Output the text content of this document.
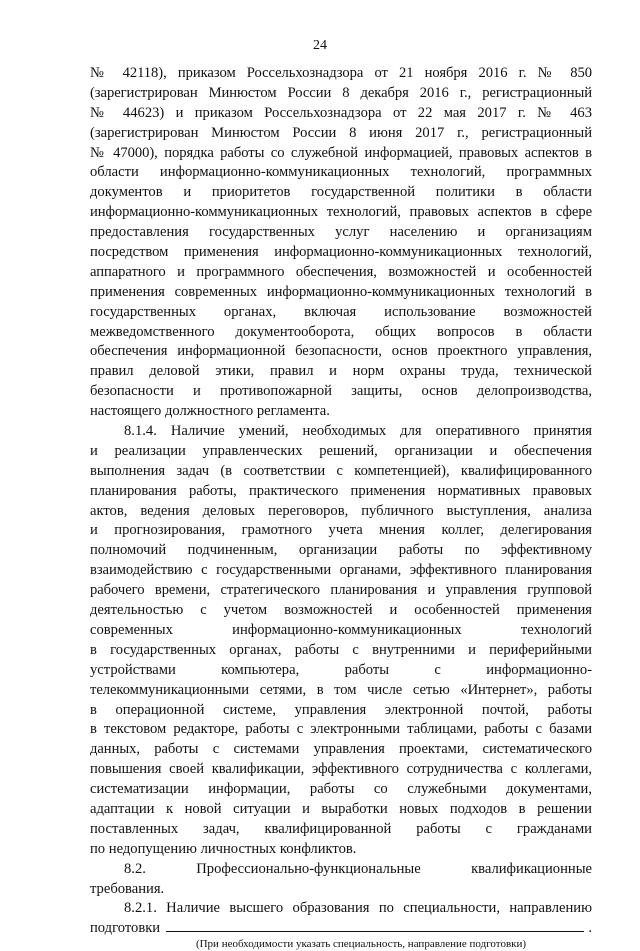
24
№ 42118), приказом Россельхознадзора от 21 ноября 2016 г. № 850
(зарегистрирован Минюстом России 8 декабря 2016 г., регистрационный
№ 44623) и приказом Россельхознадзора от 22 мая 2017 г. № 463
(зарегистрирован Минюстом России 8 июня 2017 г., регистрационный
№ 47000), порядка работы со служебной информацией, правовых аспектов в
области информационно-коммуникационных технологий, программных
документов и приоритетов государственной политики в области
информационно-коммуникационных технологий, правовых аспектов в сфере
предоставления государственных услуг населению и организациям
посредством применения информационно-коммуникационных технологий,
аппаратного и программного обеспечения, возможностей и особенностей
применения современных информационно-коммуникационных технологий в
государственных органах, включая использование возможностей
межведомственного документооборота, общих вопросов в области
обеспечения информационной безопасности, основ проектного управления,
правил деловой этики, правил и норм охраны труда, технической
безопасности и противопожарной защиты, основ делопроизводства,
настоящего должностного регламента.
8.1.4. Наличие умений, необходимых для оперативного принятия
и реализации управленческих решений, организации и обеспечения
выполнения задач (в соответствии с компетенцией), квалифицированного
планирования работы, практического применения нормативных правовых
актов, ведения деловых переговоров, публичного выступления, анализа
и прогнозирования, грамотного учета мнения коллег, делегирования
полномочий подчиненным, организации работы по эффективному
взаимодействию с государственными органами, эффективного планирования
рабочего времени, стратегического планирования и управления групповой
деятельностью с учетом возможностей и особенностей применения
современных информационно-коммуникационных технологий
в государственных органах, работы с внутренними и периферийными
устройствами компьютера, работы с информационно-
телекоммуникационными сетями, в том числе сетью «Интернет», работы
в операционной системе, управления электронной почтой, работы
в текстовом редакторе, работы с электронными таблицами, работы с базами
данных, работы с системами управления проектами, систематического
повышения своей квалификации, эффективного сотрудничества с коллегами,
систематизации информации, работы со служебными документами,
адаптации к новой ситуации и выработки новых подходов в решении
поставленных задач, квалифицированной работы с гражданами
по недопущению личностных конфликтов.
8.2. Профессионально-функциональные квалификационные
требования.
8.2.1. Наличие высшего образования по специальности, направлению
подготовки	.
(При необходимости указать специальность, направление подготовки)
